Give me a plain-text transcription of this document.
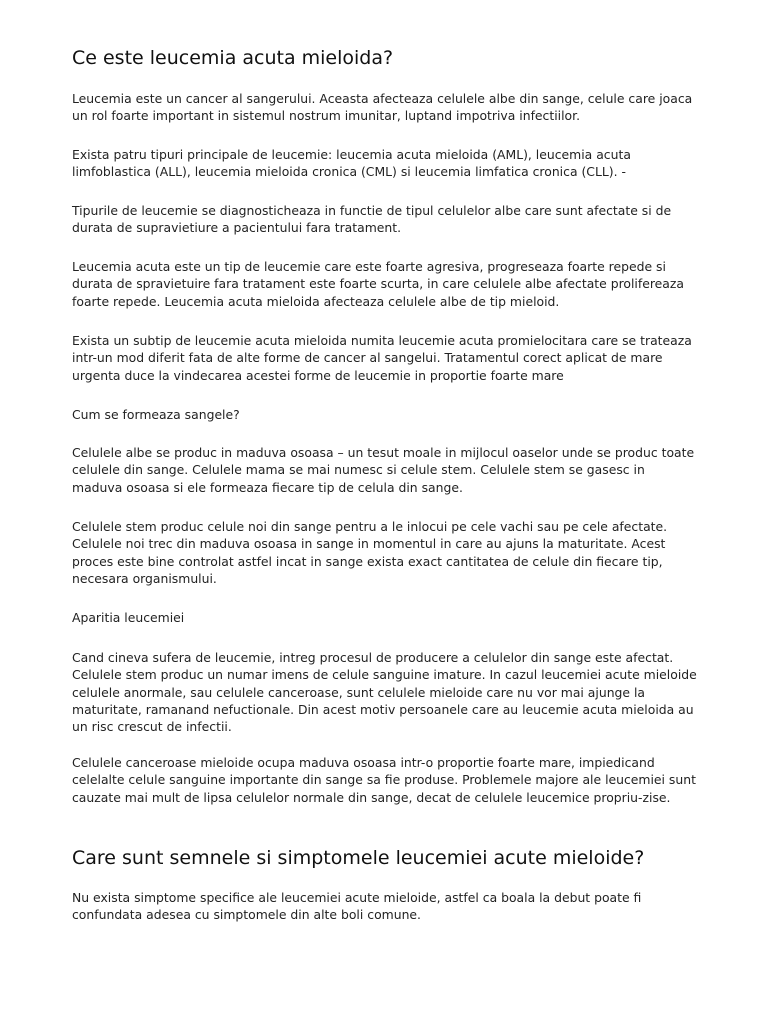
Ce este leucemia acuta mieloida?

Leucemia este un cancer al sangerului. Aceasta afecteaza celulele albe din sange, celule care joaca un rol foarte important in sistemul nostrum imunitar, luptand impotriva infectiilor.

Exista patru tipuri principale de leucemie: leucemia acuta mieloida (AML), leucemia acuta limfoblastica (ALL), leucemia mieloida cronica (CML) si leucemia limfatica cronica (CLL). -

Tipurile de leucemie se diagnosticheaza in functie de tipul celulelor albe care sunt afectate si de durata de supravietiure a pacientului fara tratament.

Leucemia acuta este un tip de leucemie care este foarte agresiva, progreseaza foarte repede si durata de spravietuire fara tratament este foarte scurta, in care celulele albe afectate prolifereaza foarte repede. Leucemia acuta mieloida afecteaza celulele albe de tip mieloid.

Exista un subtip de leucemie acuta mieloida numita leucemie acuta promielocitara care se trateaza intr-un mod diferit fata de alte forme de cancer al sangelui. Tratamentul corect aplicat de mare urgenta duce la vindecarea acestei forme de leucemie in proportie foarte mare

Cum se formeaza sangele?

Celulele albe se produc in maduva osoasa – un tesut moale in mijlocul oaselor unde se produc toate celulele din sange. Celulele mama se mai numesc si celule stem. Celulele stem se gasesc in maduva osoasa si ele formeaza fiecare tip de celula din sange.

Celulele stem produc celule noi din sange pentru a le inlocui pe cele vachi sau pe cele afectate. Celulele noi trec din maduva osoasa in sange in momentul in care au ajuns la maturitate. Acest proces este bine controlat astfel incat in sange exista exact cantitatea de celule din fiecare tip, necesara organismului.

Aparitia leucemiei

Cand cineva sufera de leucemie, intreg procesul de producere a celulelor din sange este afectat. Celulele stem produc un numar imens de celule sanguine imature. In cazul leucemiei acute mieloide celulele anormale, sau celulele canceroase, sunt celulele mieloide care nu vor mai ajunge la maturitate, ramanand nefuctionale. Din acest motiv persoanele care au leucemie acuta mieloida au un risc crescut de infectii.

Celulele canceroase mieloide ocupa maduva osoasa intr-o proportie foarte mare, impiedicand celelalte celule sanguine importante din sange sa fie produse. Problemele majore ale leucemiei sunt cauzate mai mult de lipsa celulelor normale din sange, decat de celulele leucemice propriu-zise.

Care sunt semnele si simptomele leucemiei acute mieloide?

Nu exista simptome specifice ale leucemiei acute mieloide, astfel ca boala la debut poate fi confundata adesea cu simptomele din alte boli comune.
